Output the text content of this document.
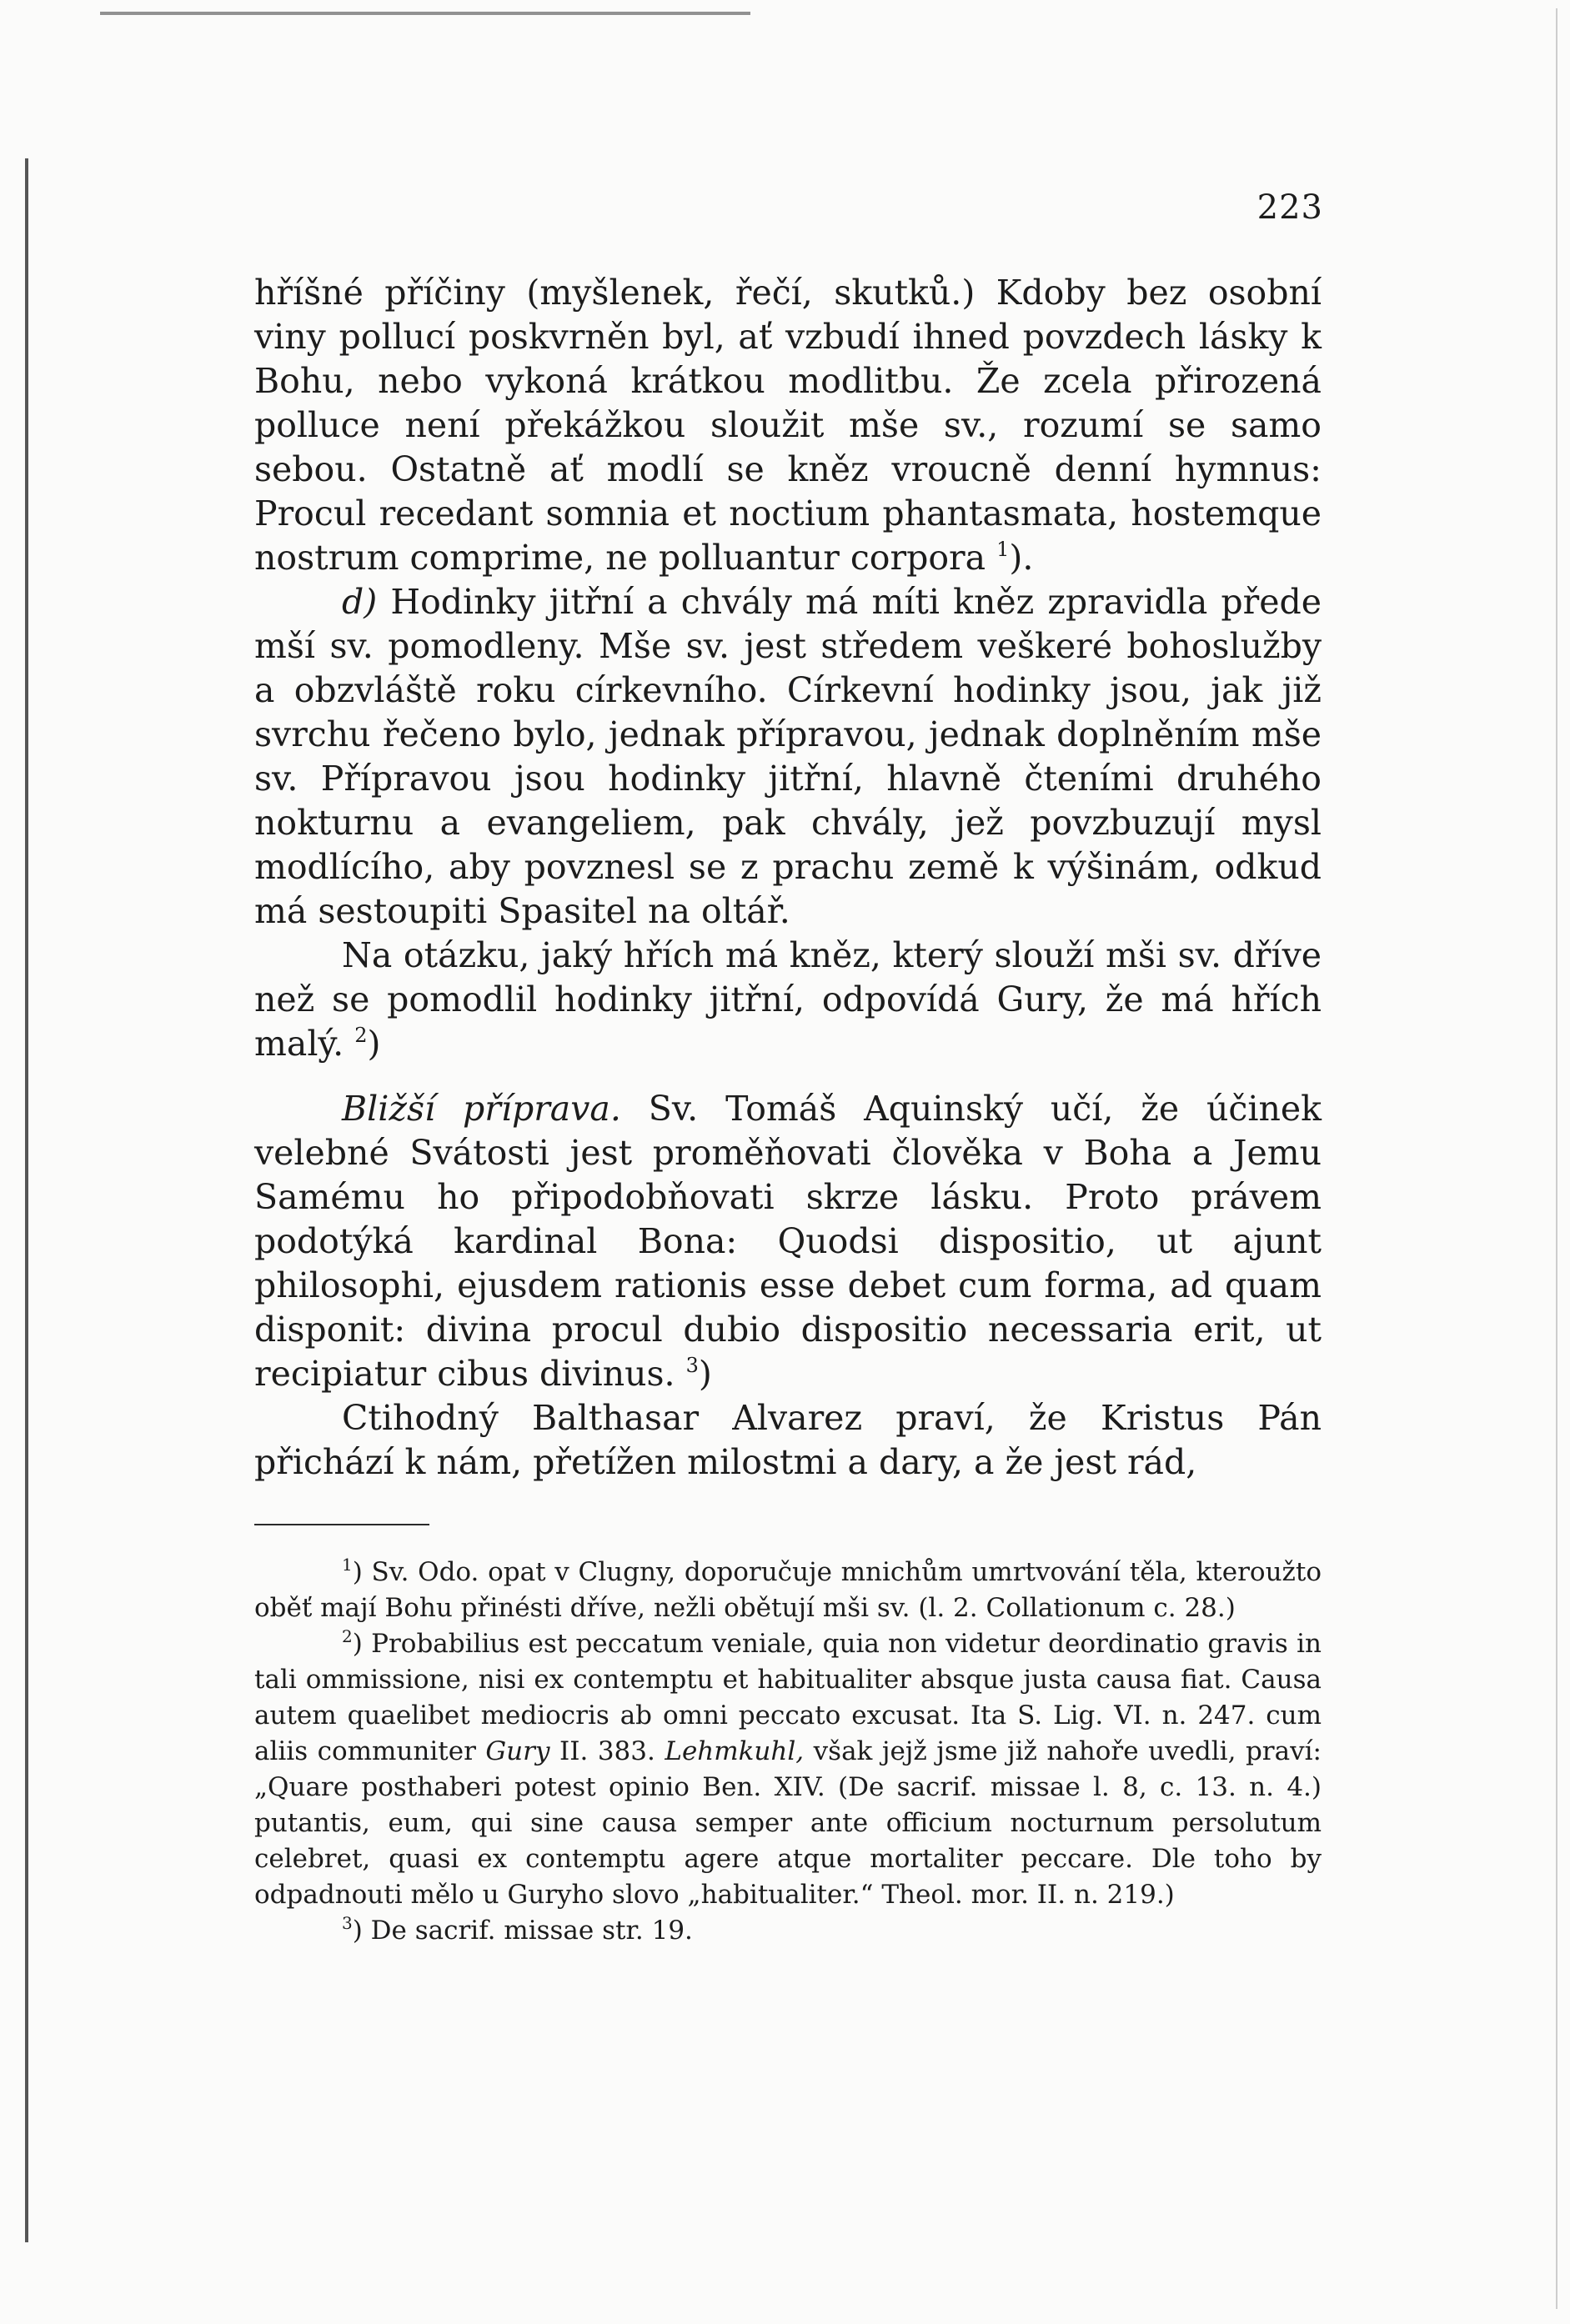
223

hříšné příčiny (myšlenek, řečí, skutků.) Kdoby bez osobní viny pollucí poskvrněn byl, ať vzbudí ihned povzdech lásky k Bohu, nebo vykoná krátkou modlitbu. Že zcela přirozená polluce není překážkou sloužit mše sv., rozumí se samo sebou. Ostatně ať modlí se kněz vroucně denní hymnus: Procul recedant somnia et noctium phantasmata, hostemque nostrum comprime, ne polluantur corpora $^1$).

d) Hodinky jitřní a chvály má míti kněz zpravidla přede mší sv. pomodleny. Mše sv. jest středem veškeré bohoslužby a obzvláště roku církevního. Církevní hodinky jsou, jak již svrchu řečeno bylo, jednak přípravou, jednak doplněním mše sv. Přípravou jsou hodinky jitřní, hlavně čteními druhého nokturnu a evangeliem, pak chvály, jež povzbuzují mysl modlícího, aby povznesl se z prachu země k výšinám, odkud má sestoupiti Spasitel na oltář.

Na otázku, jaký hřích má kněz, který slouží mši sv. dříve než se pomodlil hodinky jitřní, odpovídá Gury, že má hřích malý. $^2$)

Bližší příprava. Sv. Tomáš Aquinský učí, že účinek velebné Svátosti jest proměňovati člověka v Boha a Jemu Samému ho připodobňovati skrze lásku. Proto právem podotýká kardinal Bona: Quodsi dispositio, ut ajunt philosophi, ejusdem rationis esse debet cum forma, ad quam disponit: divina procul dubio dispositio necessaria erit, ut recipiatur cibus divinus. $^3$)

Ctihodný Balthasar Alvarez praví, že Kristus Pán přichází k nám, přetížen milostmi a dary, a že jest rád,

$^1$) Sv. Odo. opat v Clugny, doporučuje mnichům umrtvování těla, kteroužto oběť mají Bohu přinésti dříve, nežli obětují mši sv. (l. 2. Collationum c. 28.)

$^2$) Probabilius est peccatum veniale, quia non videtur deordinatio gravis in tali ommissione, nisi ex contemptu et habitualiter absque justa causa fiat. Causa autem quaelibet mediocris ab omni peccato excusat. Ita S. Lig. VI. n. 247. cum aliis communiter Gury II. 383. Lehmkuhl, však jejž jsme již nahoře uvedli, praví: „Quare posthaberi potest opinio Ben. XIV. (De sacrif. missae l. 8, c. 13. n. 4.) putantis, eum, qui sine causa semper ante officium nocturnum persolutum celebret, quasi ex contemptu agere atque mortaliter peccare. Dle toho by odpadnouti mělo u Guryho slovo „habitualiter.“ Theol. mor. II. n. 219.)

$^3$) De sacrif. missae str. 19.
